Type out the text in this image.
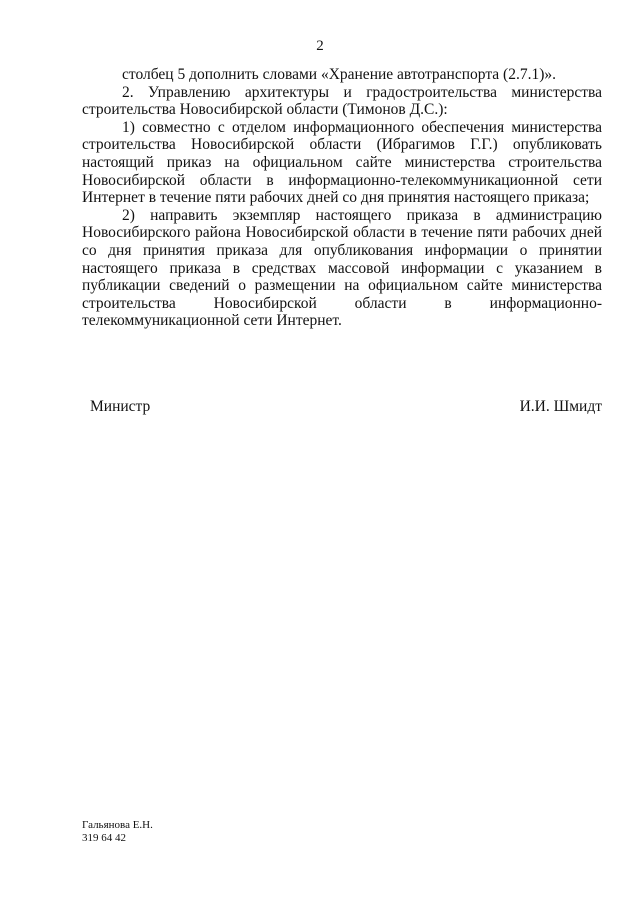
2

столбец 5 дополнить словами «Хранение автотранспорта (2.7.1)».

2. Управлению архитектуры и градостроительства министерства строительства Новосибирской области (Тимонов Д.С.):

1) совместно с отделом информационного обеспечения министерства строительства Новосибирской области (Ибрагимов Г.Г.) опубликовать настоящий приказ на официальном сайте министерства строительства Новосибирской области в информационно-телекоммуникационной сети Интернет в течение пяти рабочих дней со дня принятия настоящего приказа;

2) направить экземпляр настоящего приказа в администрацию Новосибирского района Новосибирской области в течение пяти рабочих дней со дня принятия приказа для опубликования информации о принятии настоящего приказа в средствах массовой информации с указанием в публикации сведений о размещении на официальном сайте министерства строительства Новосибирской области в информационно-

телекоммуникационной сети Интернет.

Министр	И.И. Шмидт
Гальянова Е.Н.
319 64 42
